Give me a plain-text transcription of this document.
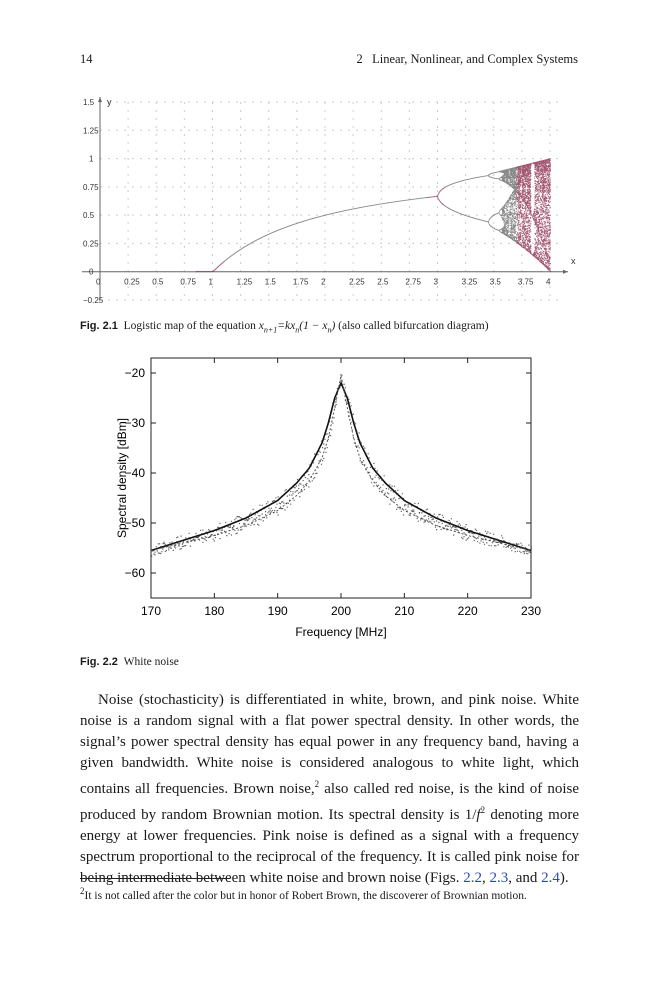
14	2   Linear, Nonlinear, and Complex Systems
0.25 0.5 0.75 1	1.25 1.5 1.75 2	2.25 2.5 2.75 3	3.25 3.5 3.75 4
−0.25
0
0.25
0.5
0.75
1
1.25
1.5
0
y
x
Fig. 2.1 Logistic map of the equation $x_{n+1}=kx_n(1 - x_n)$ (also called bifurcation diagram)
170	180	190	200	210	220	230
−20
−30
−40
−50
−60
Frequency [MHz]
Spectral density [dBm]
Fig. 2.2 White noise
Noise (stochasticity) is differentiated in white, brown, and pink noise. White noise is a random signal with a flat power spectral density. In other words, the signal’s power spectral density has equal power in any frequency band, having a given bandwidth. White noise is considered analogous to white light, which contains all frequencies. Brown noise,$^2$ also called red noise, is the kind of noise produced by random Brownian motion. Its spectral density is $1/f^2$ denoting more energy at lower frequencies. Pink noise is defined as a signal with a frequency spectrum proportional to the reciprocal of the frequency. It is called pink noise for being intermediate between white noise and brown noise (Figs. 2.2, 2.3, and 2.4).
$^2$It is not called after the color but in honor of Robert Brown, the discoverer of Brownian motion.
